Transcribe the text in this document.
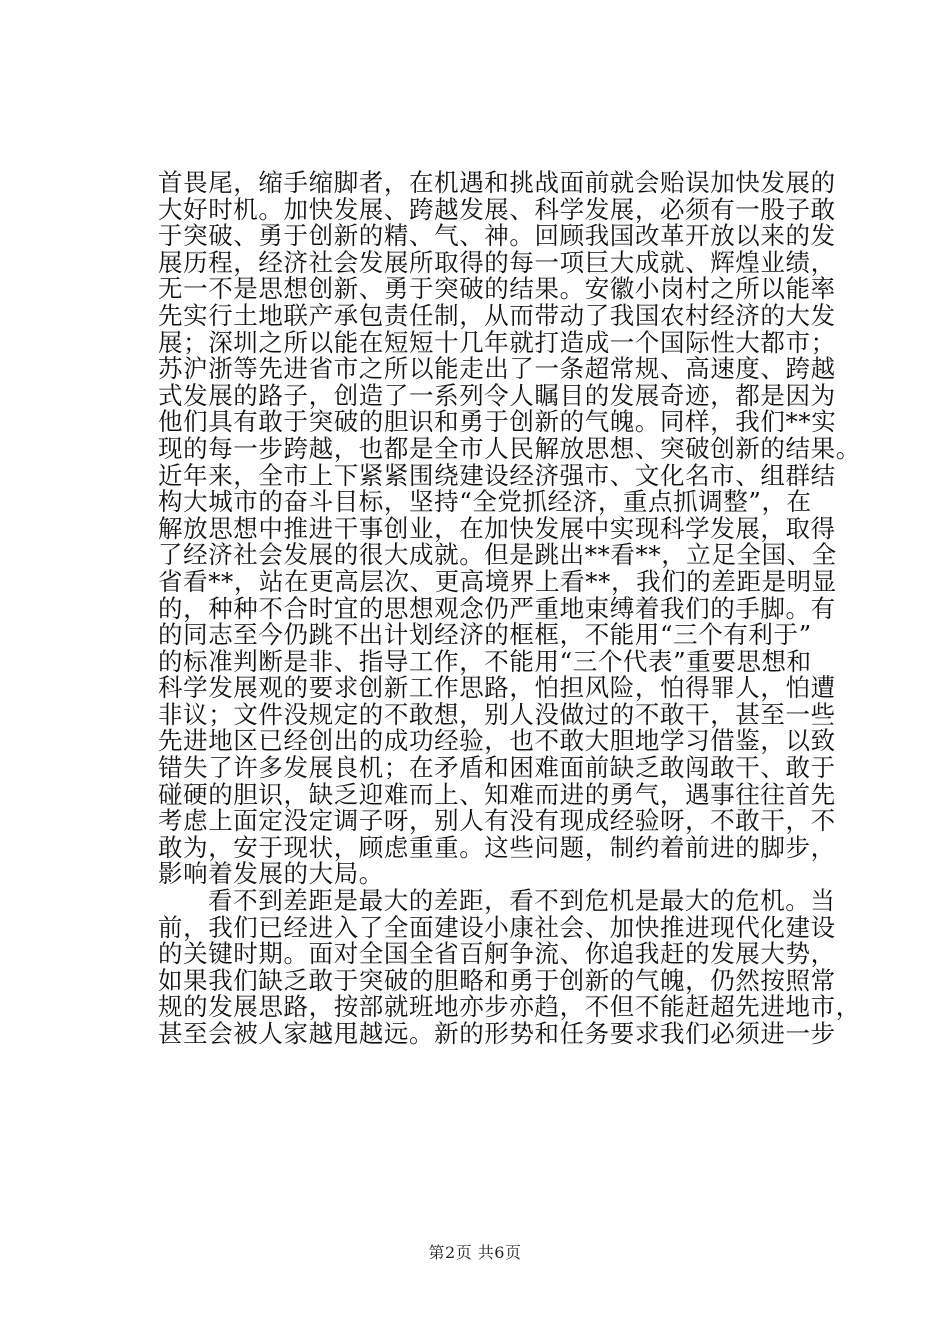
首畏尾，缩手缩脚者，在机遇和挑战面前就会贻误加快发展的
大好时机。加快发展、跨越发展、科学发展，必须有一股子敢
于突破、勇于创新的精、气、神。回顾我国改革开放以来的发
展历程，经济社会发展所取得的每一项巨大成就、辉煌业绩，
无一不是思想创新、勇于突破的结果。安徽小岗村之所以能率
先实行土地联产承包责任制，从而带动了我国农村经济的大发
展；深圳之所以能在短短十几年就打造成一个国际性大都市；
苏沪浙等先进省市之所以能走出了一条超常规、高速度、跨越
式发展的路子，创造了一系列令人瞩目的发展奇迹，都是因为
他们具有敢于突破的胆识和勇于创新的气魄。同样，我们**实
现的每一步跨越，也都是全市人民解放思想、突破创新的结果。
近年来，全市上下紧紧围绕建设经济强市、文化名市、组群结
构大城市的奋斗目标，坚持“全党抓经济，重点抓调整”，在
解放思想中推进干事创业，在加快发展中实现科学发展，取得
了经济社会发展的很大成就。但是跳出**看**，立足全国、全
省看**，站在更高层次、更高境界上看**，我们的差距是明显
的，种种不合时宜的思想观念仍严重地束缚着我们的手脚。有
的同志至今仍跳不出计划经济的框框，不能用“三个有利于”
的标准判断是非、指导工作，不能用“三个代表”重要思想和
科学发展观的要求创新工作思路，怕担风险，怕得罪人，怕遭
非议；文件没规定的不敢想，别人没做过的不敢干，甚至一些
先进地区已经创出的成功经验，也不敢大胆地学习借鉴，以致
错失了许多发展良机；在矛盾和困难面前缺乏敢闯敢干、敢于
碰硬的胆识，缺乏迎难而上、知难而进的勇气，遇事往往首先
考虑上面定没定调子呀，别人有没有现成经验呀，不敢干，不
敢为，安于现状，顾虑重重。这些问题，制约着前进的脚步，
影响着发展的大局。
看不到差距是最大的差距，看不到危机是最大的危机。当
前，我们已经进入了全面建设小康社会、加快推进现代化建设
的关键时期。面对全国全省百舸争流、你追我赶的发展大势，
如果我们缺乏敢于突破的胆略和勇于创新的气魄，仍然按照常
规的发展思路，按部就班地亦步亦趋，不但不能赶超先进地市，
甚至会被人家越甩越远。新的形势和任务要求我们必须进一步
第2页 共6页
